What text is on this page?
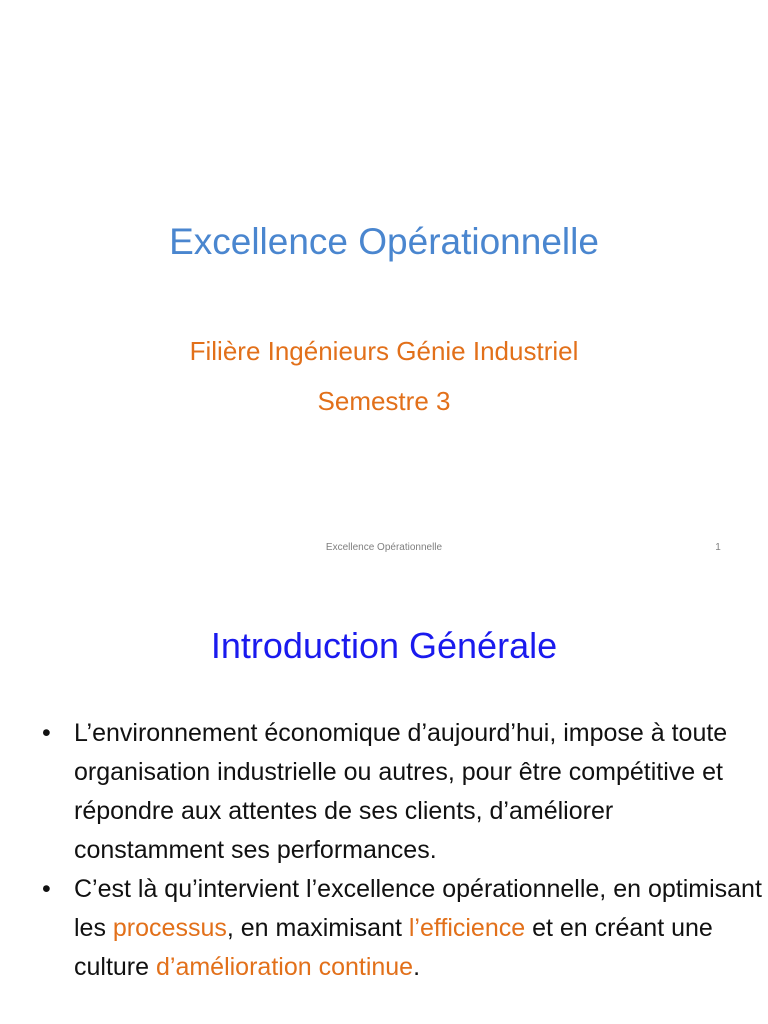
Excellence Opérationnelle
Filière Ingénieurs Génie Industriel
Semestre 3
Excellence Opérationnelle	1
Introduction Générale
• L’environnement économique d’aujourd’hui, impose à toute organisation industrielle ou autres, pour être compétitive et répondre aux attentes de ses clients, d’améliorer constamment ses performances.
• C’est là qu’intervient l’excellence opérationnelle, en optimisant les processus, en maximisant l’efficience et en créant une culture d’amélioration continue.
